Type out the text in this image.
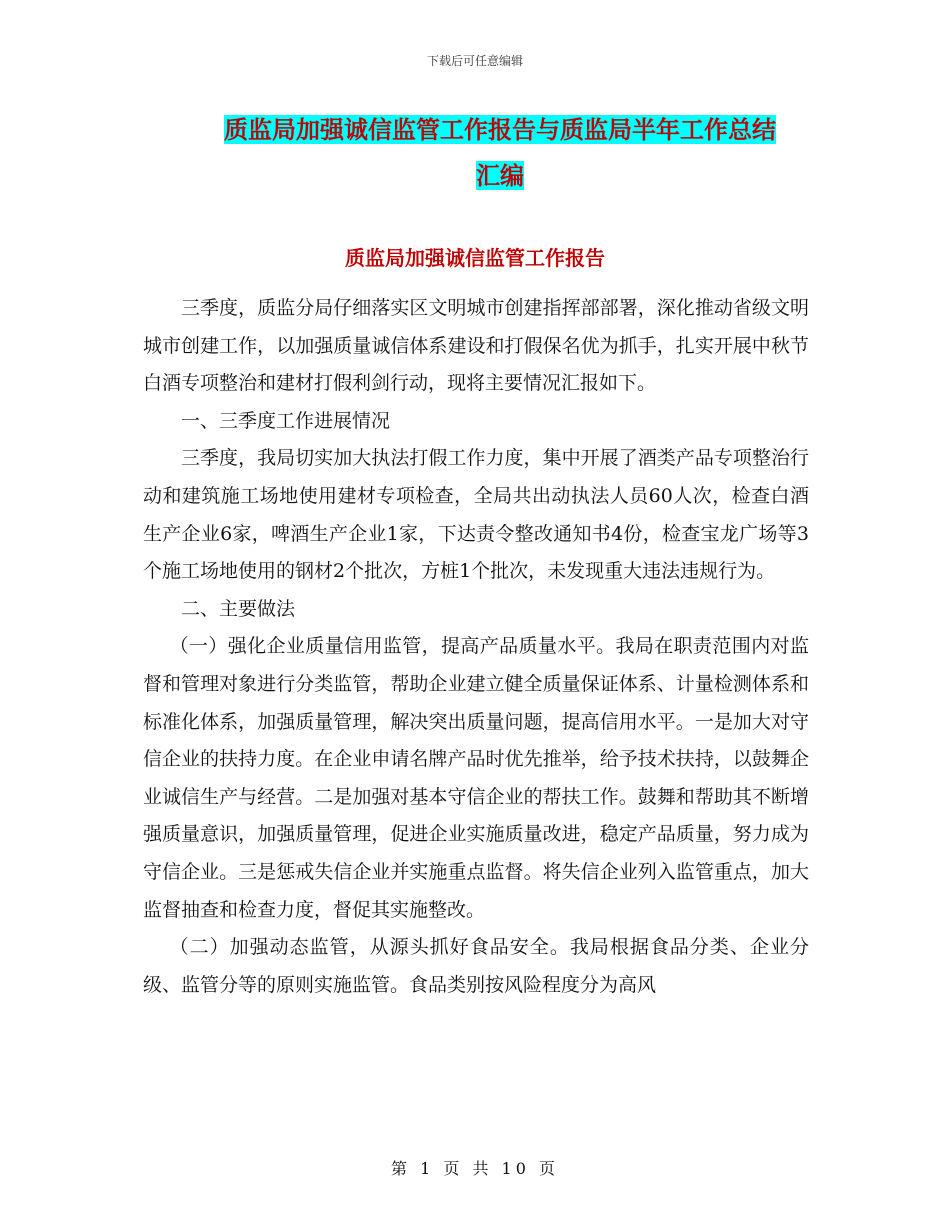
下载后可任意编辑
质监局加强诚信监管工作报告与质监局半年工作总结
汇编
质监局加强诚信监管工作报告

三季度，质监分局仔细落实区文明城市创建指挥部部署，深化推动省级文明城市创建工作，以加强质量诚信体系建设和打假保名优为抓手，扎实开展中秋节白酒专项整治和建材打假利剑行动，现将主要情况汇报如下。

一、三季度工作进展情况

三季度，我局切实加大执法打假工作力度，集中开展了酒类产品专项整治行动和建筑施工场地使用建材专项检查，全局共出动执法人员60人次，检查白酒生产企业6家，啤酒生产企业1家，下达责令整改通知书4份，检查宝龙广场等3个施工场地使用的钢材2个批次，方桩1个批次，未发现重大违法违规行为。

二、主要做法

（一）强化企业质量信用监管，提高产品质量水平。我局在职责范围内对监督和管理对象进行分类监管，帮助企业建立健全质量保证体系、计量检测体系和标准化体系，加强质量管理，解决突出质量问题，提高信用水平。一是加大对守信企业的扶持力度。在企业申请名牌产品时优先推举，给予技术扶持，以鼓舞企业诚信生产与经营。二是加强对基本守信企业的帮扶工作。鼓舞和帮助其不断增强质量意识，加强质量管理，促进企业实施质量改进，稳定产品质量，努力成为守信企业。三是惩戒失信企业并实施重点监督。将失信企业列入监管重点，加大监督抽查和检查力度，督促其实施整改。

（二）加强动态监管，从源头抓好食品安全。我局根据食品分类、企业分级、监管分等的原则实施监管。食品类别按风险程度分为高风

第 1 页 共 10 页
